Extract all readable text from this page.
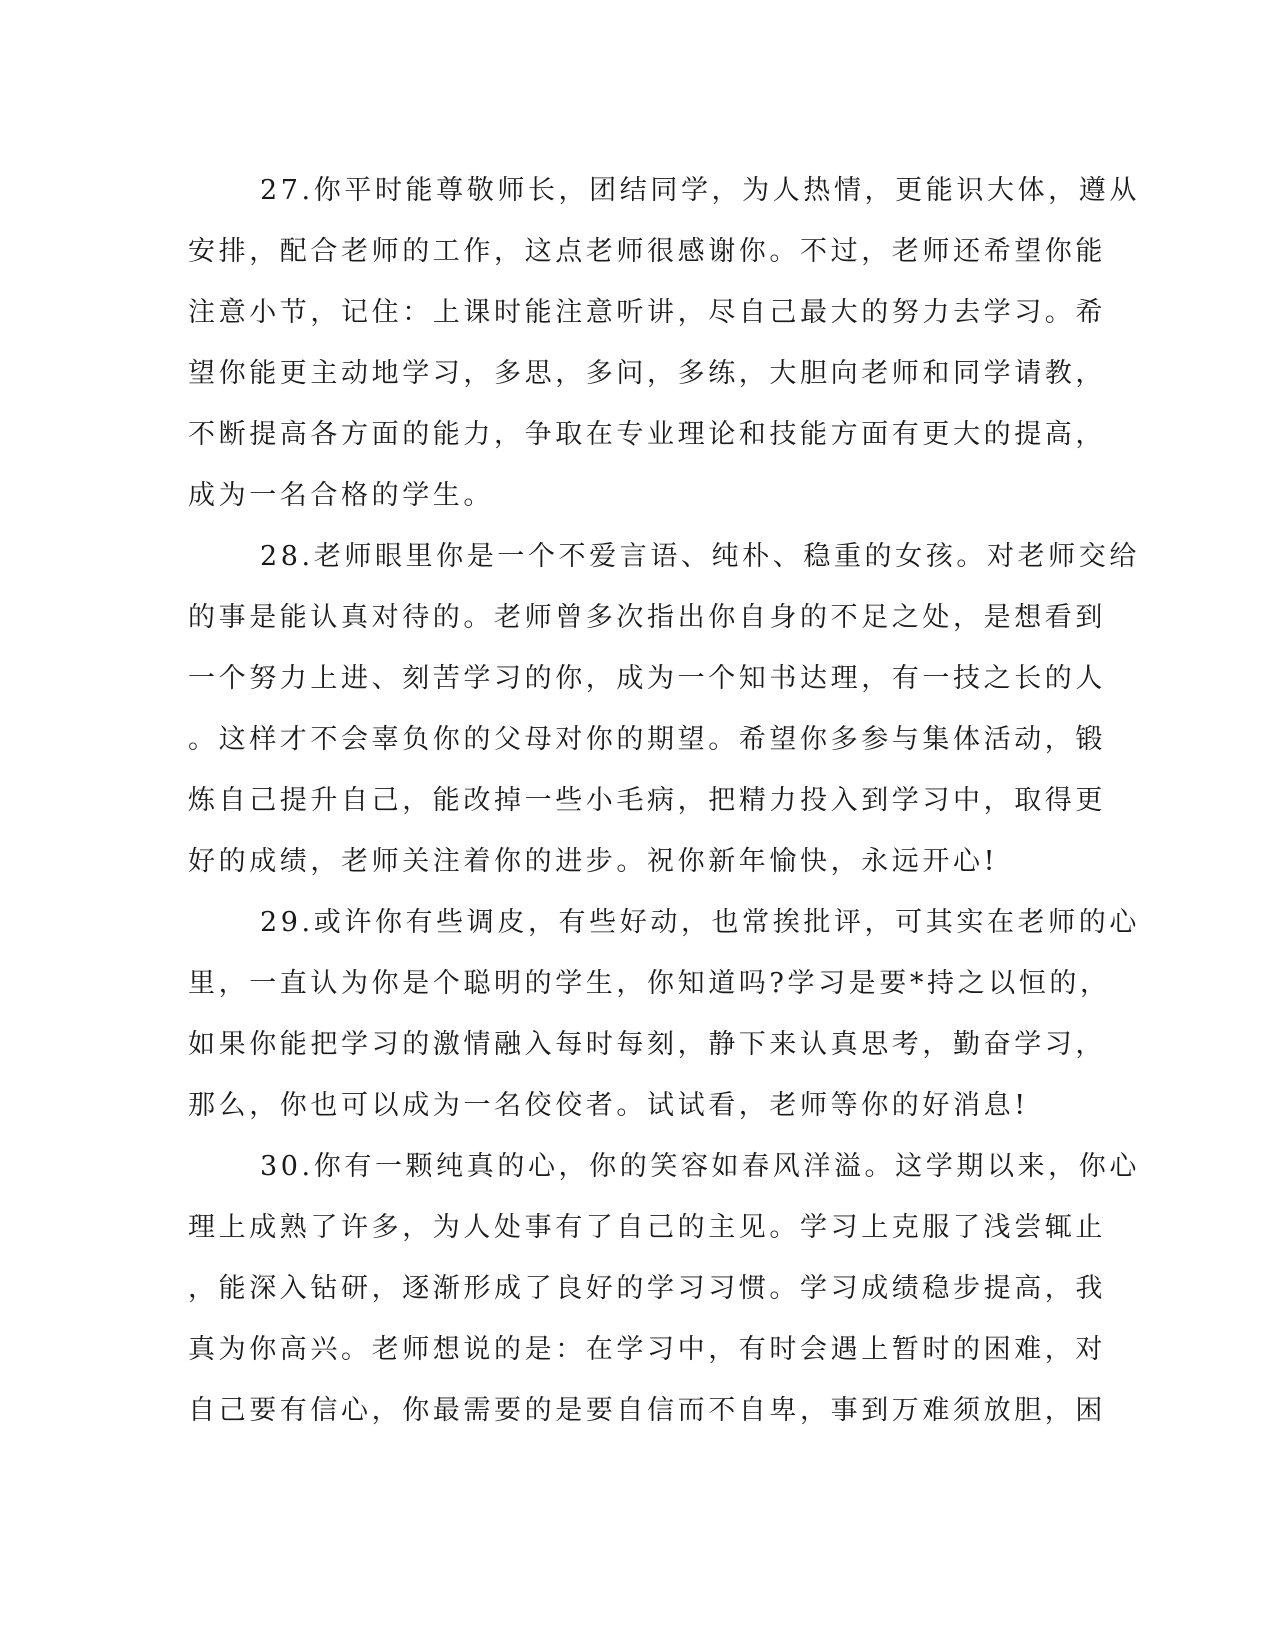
27.你平时能尊敬师长，团结同学，为人热情，更能识大体，遵从
安排，配合老师的工作，这点老师很感谢你。不过，老师还希望你能
注意小节，记住：上课时能注意听讲，尽自己最大的努力去学习。希
望你能更主动地学习，多思，多问，多练，大胆向老师和同学请教，
不断提高各方面的能力，争取在专业理论和技能方面有更大的提高，
成为一名合格的学生。
28.老师眼里你是一个不爱言语、纯朴、稳重的女孩。对老师交给
的事是能认真对待的。老师曾多次指出你自身的不足之处，是想看到
一个努力上进、刻苦学习的你，成为一个知书达理，有一技之长的人
。这样才不会辜负你的父母对你的期望。希望你多参与集体活动，锻
炼自己提升自己，能改掉一些小毛病，把精力投入到学习中，取得更
好的成绩，老师关注着你的进步。祝你新年愉快，永远开心!
29.或许你有些调皮，有些好动，也常挨批评，可其实在老师的心
里，一直认为你是个聪明的学生，你知道吗?学习是要*持之以恒的，
如果你能把学习的激情融入每时每刻，静下来认真思考，勤奋学习，
那么，你也可以成为一名佼佼者。试试看，老师等你的好消息!
30.你有一颗纯真的心，你的笑容如春风洋溢。这学期以来，你心
理上成熟了许多，为人处事有了自己的主见。学习上克服了浅尝辄止
，能深入钻研，逐渐形成了良好的学习习惯。学习成绩稳步提高，我
真为你高兴。老师想说的是：在学习中，有时会遇上暂时的困难，对
自己要有信心，你最需要的是要自信而不自卑，事到万难须放胆，困
